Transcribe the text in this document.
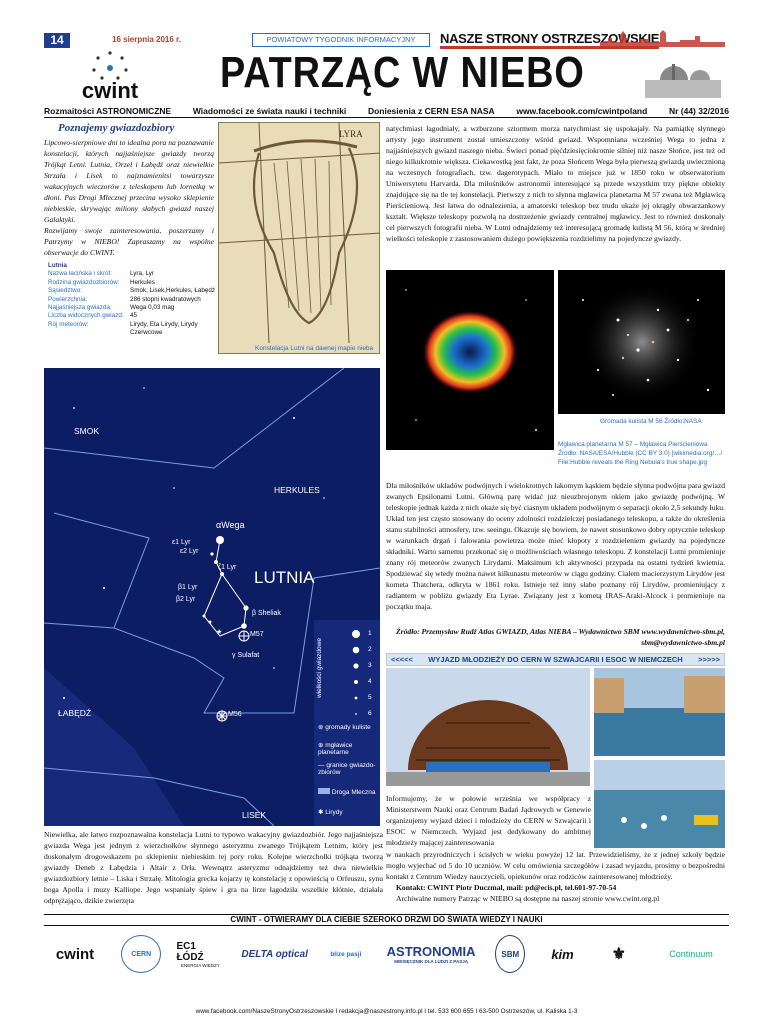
14	16 sierpnia 2016 r.	POWIATOWY TYGODNIK INFORMACYJNY	NASZE STRONY OSTRZESZOWSKIE
cwint PATRZĄC W NIEBO
Rozmaitości ASTRONOMICZNE	Wiadomości ze świata nauki i techniki	Doniesienia z CERN ESA NASA	www.facebook.com/cwintpoland	Nr (44) 32/2016
Poznajemy gwiazdozbiory

Lipcowo-sierpniowe dni to idealna pora na poznawanie konstelacji, których najjaśniejsze gwiazdy tworzą Trójkąt Letni. Lutnia, Orzeł i Łabędź oraz niewielkie Strzała i Lisek to najznamienitsi towarzysze wakacyjnych wieczorów z teleskopem lub lornetką w dłoni. Pas Drogi Mlecznej przecina wysoko sklepienie niebieskie, skrywając miliony słabych gwiazd naszej Galaktyki.

Rozwijamy swoje zainteresowania, poszerzamy i Patrzymy w NIEBO! Zapraszamy na wspólne obserwacje do CWINT.

Lutnia
Nazwa łacińska i skrót:	Lyra, Lyr
Rodzina gwiazdozbiorów:	Herkules
Sąsiedztwo:	Smok, Lisek,Herkules, Łabędź
Powierzchnia:	286 stopni kwadratowych
Najjaśniejsza gwiazda:	Wega 0,03 mag
Liczba widocznych gwiazd:	45
Rój meteorów:	Lirydy, Eta Lirydy, Lirydy Czerwcowe
LYRA
Konstelacja Lutni na dawnej mapie nieba
natychmiast łagodniały, a wzburzone sztormem morza natychmiast się uspokajały. Na pamiątkę słynnego artysty jego instrument został umieszczony wśród gwiazd. Wspomniana wcześniej Wega to jedna z najjaśniejszych gwiazd naszego nieba. Świeci ponad pięćdziesięciokrotnie silniej niż nasze Słońce, jest też od niego kilkukrotnie większa. Ciekawostką jest fakt, że poza Słońcem Wega była pierwszą gwiazdą uwiecznioną na wczesnych fotografiach, tzw. dagerotypach. Miało to miejsce już w 1850 roku w obserwatorium Uniwersytetu Harvarda. Dla miłośników astronomii interesujące są przede wszystkim trzy piękne obiekty znajdujące się na tle tej konstelacji. Pierwszy z nich to słynna mgławica planetarna M 57 zwana też Mgławicą Pierścieniową. Jest łatwa do odnalezienia, a amatorski teleskop bez trudu ukaże jej okrągły obwarzankowy kształt. Większe teleskopy pozwolą na dostrzeżenie gwiazdy centralnej mgławicy. Jest to również doskonały cel pierwszych fotografii nieba. W Lutni odnajdziemy też interesującą gromadę kulistą M 56, którą w średniej wielkości teleskopie z zastosowaniem dużego powiększenia rozdzielimy na pojedyncze gwiazdy.
Mgławica planetarna M 57 – Mgławica Pierścieniowa Źródło: NASA/ESA/Hubble (CC BY 3.0) [wikimedia.org/…/ File:Hubble reveals the Ring Nebula's true shape.jpg
Gromada kulista M 56 Źródło:NASA
Dla miłośników układów podwójnych i wielokrotnych łakomym kąskiem będzie słynna podwójna para gwiazd zwanych Epsilonami Lutni. Główną parę widać już nieuzbrojonym okiem jako gwiazdę podwójną. W teleskopie jednak każda z nich okaże się być ciasnym układem podwójnym o separacji około 2,5 sekundy łuku. Układ ten jest często stosowany do oceny zdolności rozdzielczej posiadanego teleskopu, a także do określenia stanu stabilności atmosfery, tzw. seeingu. Okazuje się bowiem, że nawet stosunkowo dobry optycznie teleskop w warunkach drgań i falowania powietrza może mieć kłopoty z rozdzieleniem gwiazdy na pojedyncze składniki. Warto samemu przekonać się o możliwościach własnego teleskopu. Z konstelacji Lutni promieniuje znany rój meteorów zwanych Lirydami. Maksimum ich aktywności przypada na ostatni tydzień kwietnia. Spodziewać się wtedy można nawet kilkunastu meteorów w ciągu godziny. Ciałem macierzystym Lirydów jest kometa Thatchera, odkryta w 1861 roku. Istnieje też inny słabo poznany rój Lirydów, promieniujący z radiantem w pobliżu gwiazdy Eta Lyrae. Związany jest z kometą IRAS-Araki-Alcock i promieniuje na początku maja.
Źródło: Przemysław Rudź Atlas GWIAZD, Atlas NIEBA – Wydawnictwo SBM www.wydawnictwo-sbm.pl, sbm@wydawnictwo-sbm.pl
★
SMOK
HERKULES
LUTNIA
ŁABĘDŹ
LISEK
αWega
ε1 Lyr
ε2 Lyr
ζ1 Lyr
β1 Lyr
β2 Lyr
β Sheliak
M57
γ Sulafat
M56
wielkości gwiazdowe
1
2
3
4
5
6
⊛ gromady kuliste
⊕ mgławice planetarne
— granice gwiazdo-zbiorów
Droga Mleczna
✱ Lirydy
Niewielka, ale łatwo rozpoznawalna konstelacja Lutni to typowo wakacyjny gwiazdozbiór. Jego najjaśniejsza gwiazda Wega jest jednym z wierzchołków słynnego asteryzmu zwanego Trójkątem Letnim, który jest doskonałym drogowskazem po sklepieniu niebieskim tej pory roku. Kolejne wierzchołki trójkąta tworzą gwiazdy Deneb z Łabędzia i Altair z Orła. Wewnątrz asteryzmu odnajdziemy też dwa niewielkie gwiazdozbiory letnie – Liska i Strzałę. Mitologia grecka kojarzy tę konstelację z opowieścią o Orfeuszu, synu boga Apolla i muzy Kalliope. Jego wspaniały śpiew i gra na lirze łagodziła wszelkie kłótnie, działała odprężająco, dzikie zwierzęta
<<<<< WYJAZD MŁODZIEŻY DO CERN W SZWAJCARII I ESOC W NIEMCZECH >>>>>
Informujemy, że w połowie września we współpracy z Ministerstwem Nauki oraz Centrum Badań Jądrowych w Genewie organizujemy wyjazd dzieci i młodzieży do CERN w Szwajcarii i ESOC w Niemczech. Wyjazd jest dedykowany do ambitnej młodzieży mającej zainteresowania
w naukach przyrodniczych i ścisłych w wieku powyżej 12 lat. Przewidzieliśmy, że z jednej szkoły będzie mogło wyjechać od 5 do 10 uczniów. W celu omówienia szczegółów i zasad wyjazdu, prosimy o bezpośredni kontakt z Centrum Wiedzy nauczycieli, opiekunów oraz rodziców zainteresowanej młodzieży.
Kontakt: CWINT Piotr Duczmal, mail: pd@ecis.pl, tel.601-97-70-54
Archiwalne numery Patrząc w NIEBO są dostępne na naszej stronie www.cwint.org.pl
CWINT - OTWIERAMY DLA CIEBIE SZEROKO DRZWI DO ŚWIATA WIEDZY I NAUKI
cwint	CERN
EC1 ŁÓDŹ
ENERGIA WIEDZY
DELTA optical	blize pasji	ASTRONOMIA
MIESIĘCZNIK DLA LUDZI Z PASJĄ
SBM	kim	⚜	Continuum
www.facebook.com/NaszeStronyOstrzeszowskie I redakcja@naszestrony.info.pl I tel. 533 600 655 I 63-500 Ostrzeszów, ul. Kaliska 1-3
